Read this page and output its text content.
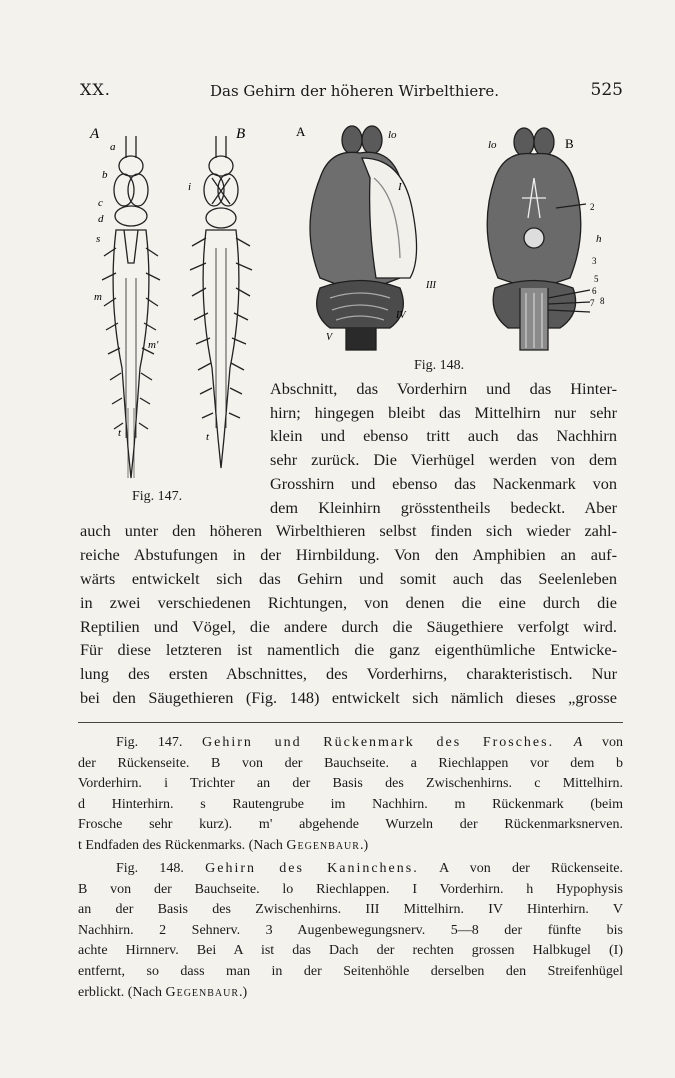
XX.	Das Gehirn der höheren Wirbelthiere.	525
A	B
a
b
c
d
s
i
m
m'
t	t
Fig. 147.
A	lo
I
III
IV
V
B
lo
2
h
3
5
6
7 8
Fig. 148.
Abschnitt, das Vorderhirn und das Hinter-
hirn; hingegen bleibt das Mittelhirn nur sehr
klein und ebenso tritt auch das Nachhirn
sehr zurück. Die Vierhügel werden von dem
Grosshirn und ebenso das Nackenmark von
dem Kleinhirn grösstentheils bedeckt. Aber
auch unter den höheren Wirbelthieren selbst finden sich wieder zahl-
reiche Abstufungen in der Hirnbildung. Von den Amphibien an auf-
wärts entwickelt sich das Gehirn und somit auch das Seelenleben
in zwei verschiedenen Richtungen, von denen die eine durch die
Reptilien und Vögel, die andere durch die Säugethiere verfolgt wird.
Für diese letzteren ist namentlich die ganz eigenthümliche Entwicke-
lung des ersten Abschnittes, des Vorderhirns, charakteristisch. Nur
bei den Säugethieren (Fig. 148) entwickelt sich nämlich dieses „grosse
Fig. 147. Gehirn und Rückenmark des Frosches. A von
der Rückenseite. B von der Bauchseite. a Riechlappen vor dem b
Vorderhirn. i Trichter an der Basis des Zwischenhirns. c Mittelhirn.
d Hinterhirn. s Rautengrube im Nachhirn. m Rückenmark (beim
Frosche sehr kurz). m' abgehende Wurzeln der Rückenmarksnerven.
t Endfaden des Rückenmarks. (Nach Gegenbaur.)
Fig. 148. Gehirn des Kaninchens. A von der Rückenseite.
B von der Bauchseite. lo Riechlappen. I Vorderhirn. h Hypophysis
an der Basis des Zwischenhirns. III Mittelhirn. IV Hinterhirn. V
Nachhirn. 2 Sehnerv. 3 Augenbewegungsnerv. 5—8 der fünfte bis
achte Hirnnerv. Bei A ist das Dach der rechten grossen Halbkugel (I)
entfernt, so dass man in der Seitenhöhle derselben den Streifenhügel
erblickt. (Nach Gegenbaur.)
